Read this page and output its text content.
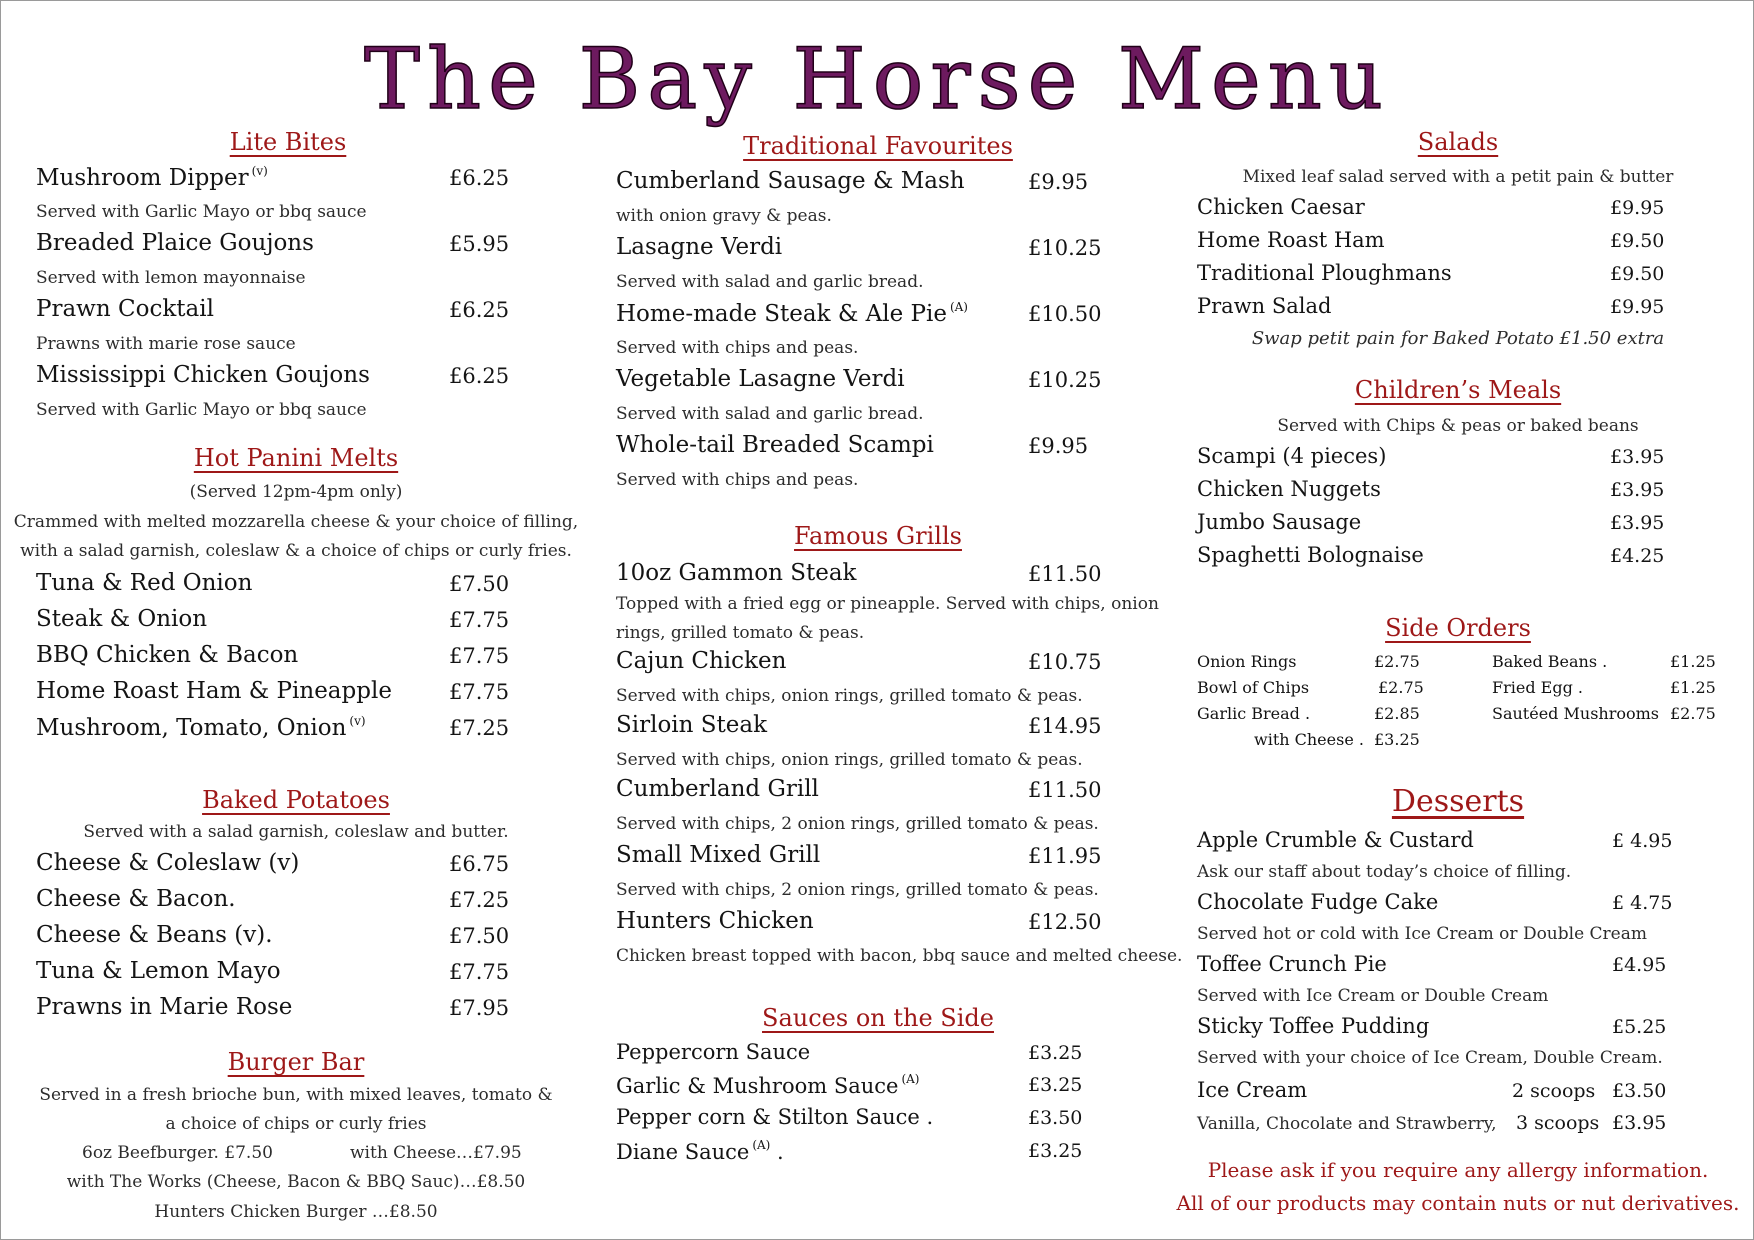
The Bay Horse Menu
Lite Bites
Mushroom Dipper $^{(v)}$	£6.25
Served with Garlic Mayo or bbq sauce
Breaded Plaice Goujons	£5.95
Served with lemon mayonnaise
Prawn Cocktail	£6.25
Prawns with marie rose sauce
Mississippi Chicken Goujons	£6.25
Served with Garlic Mayo or bbq sauce
Hot Panini Melts
(Served 12pm-4pm only)
Crammed with melted mozzarella cheese & your choice of filling,
with a salad garnish, coleslaw & a choice of chips or curly fries.
Tuna & Red Onion	£7.50
Steak & Onion	£7.75
BBQ Chicken & Bacon	£7.75
Home Roast Ham & Pineapple	£7.75
Mushroom, Tomato, Onion $^{(v)}$	£7.25
Baked Potatoes
Served with a salad garnish, coleslaw and butter.
Cheese & Coleslaw (v)	£6.75
Cheese & Bacon.	£7.25
Cheese & Beans (v).	£7.50
Tuna & Lemon Mayo	£7.75
Prawns in Marie Rose	£7.95
Burger Bar
Served in a fresh brioche bun, with mixed leaves, tomato &
a choice of chips or curly fries
6oz Beefburger. £7.50	with Cheese…£7.95
with The Works (Cheese, Bacon & BBQ Sauc)…£8.50
Hunters Chicken Burger …£8.50
Traditional Favourites
Cumberland Sausage & Mash	£9.95
with onion gravy & peas.
Lasagne Verdi	£10.25
Served with salad and garlic bread.
Home-made Steak & Ale Pie $^{(A)}$	£10.50
Served with chips and peas.
Vegetable Lasagne Verdi	£10.25
Served with salad and garlic bread.
Whole-tail Breaded Scampi	£9.95
Served with chips and peas.
Famous Grills
10oz Gammon Steak	£11.50
Topped with a fried egg or pineapple. Served with chips, onion
rings, grilled tomato & peas.
Cajun Chicken	£10.75
Served with chips, onion rings, grilled tomato & peas.
Sirloin Steak	£14.95
Served with chips, onion rings, grilled tomato & peas.
Cumberland Grill	£11.50
Served with chips, 2 onion rings, grilled tomato & peas.
Small Mixed Grill	£11.95
Served with chips, 2 onion rings, grilled tomato & peas.
Hunters Chicken	£12.50
Chicken breast topped with bacon, bbq sauce and melted cheese.
Sauces on the Side
Peppercorn Sauce	£3.25
Garlic & Mushroom Sauce $^{(A)}$	£3.25
Pepper corn & Stilton Sauce .	£3.50
Diane Sauce $^{(A)}$ .	£3.25
Salads
Mixed leaf salad served with a petit pain & butter
Chicken Caesar	£9.95
Home Roast Ham	£9.50
Traditional Ploughmans	£9.50
Prawn Salad	£9.95
Swap petit pain for Baked Potato £1.50 extra
Children’s Meals
Served with Chips & peas or baked beans
Scampi (4 pieces)	£3.95
Chicken Nuggets	£3.95
Jumbo Sausage	£3.95
Spaghetti Bolognaise	£4.25
Side Orders
Onion Rings	£2.75
Bowl of Chips	£2.75
Garlic Bread .	£2.85
with Cheese . £3.25
Baked Beans .	£1.25
Fried Egg .	£1.25
Sautéed Mushrooms £2.75
Desserts
Apple Crumble & Custard	£ 4.95
Ask our staff about today’s choice of filling.
Chocolate Fudge Cake	£ 4.75
Served hot or cold with Ice Cream or Double Cream
Toffee Crunch Pie	£4.95
Served with Ice Cream or Double Cream
Sticky Toffee Pudding	£5.25
Served with your choice of Ice Cream, Double Cream.
Ice Cream	2 scoops £3.50
Vanilla, Chocolate and Strawberry, 3 scoops £3.95
Please ask if you require any allergy information.
All of our products may contain nuts or nut derivatives.
